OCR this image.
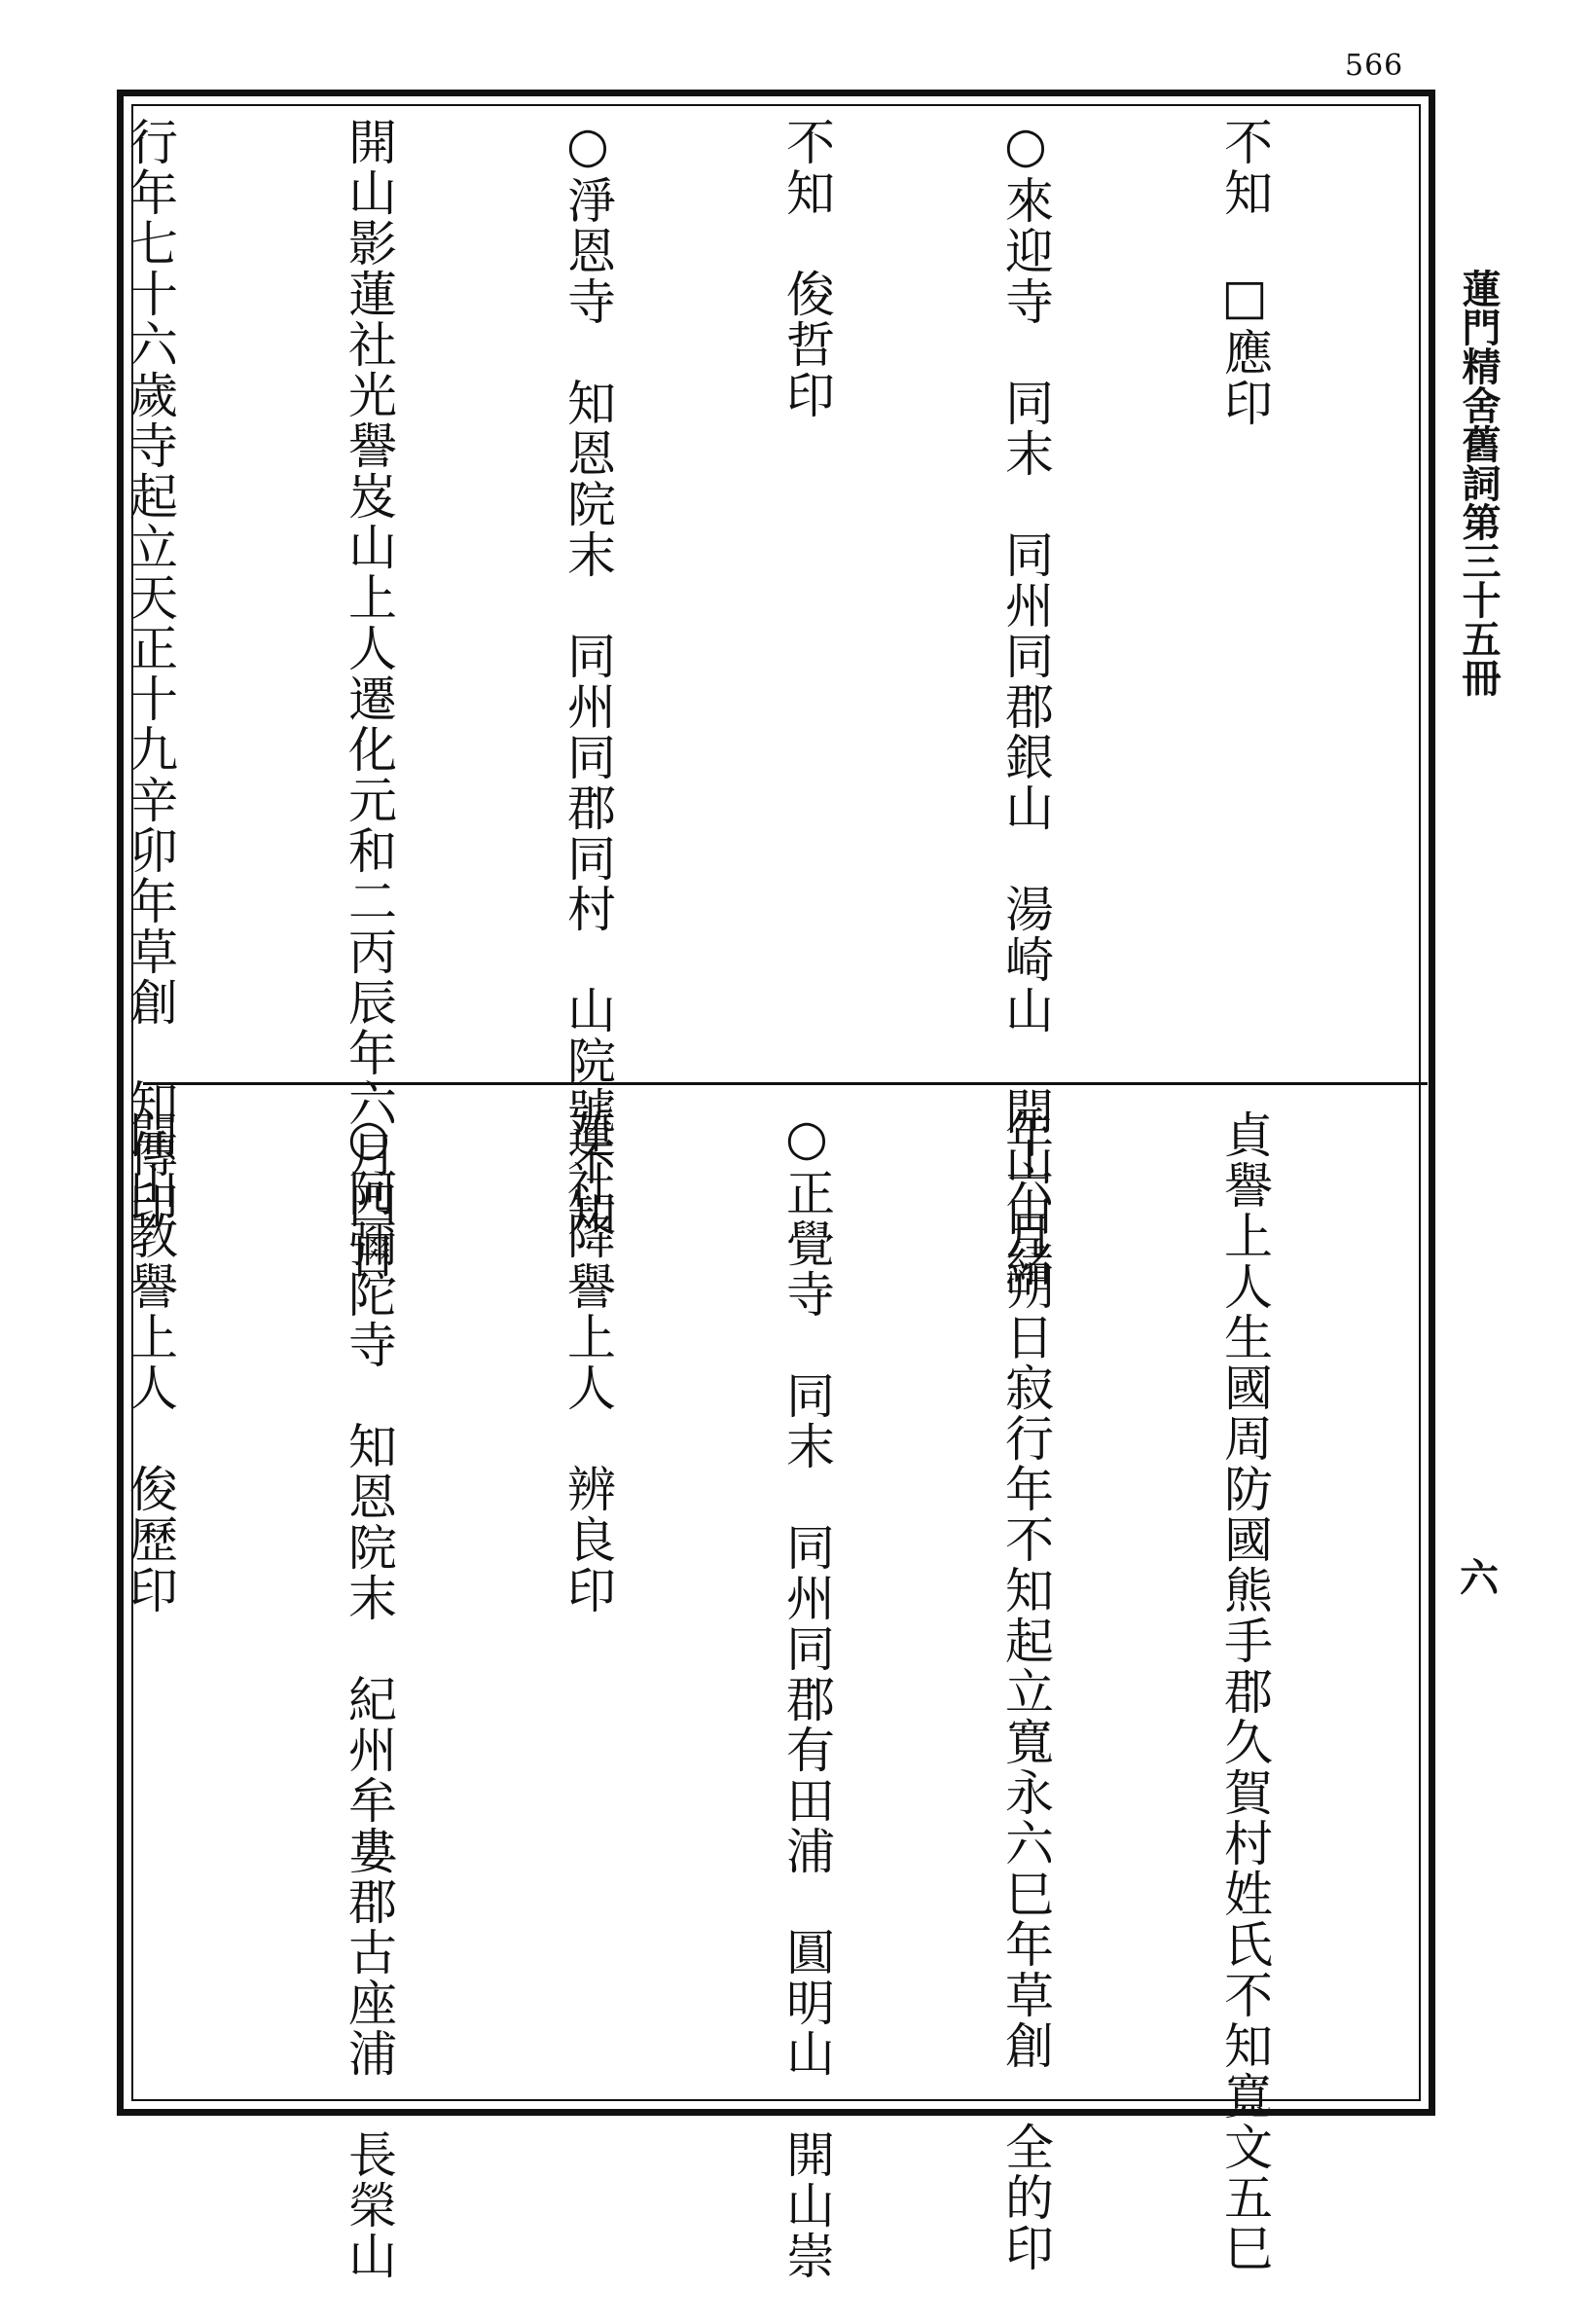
566

不知　□應印

○來迎寺　同末　同州同郡銀山　湯崎山　開山由緒

不知　俊哲印

○淨恩寺　知恩院末　同州同郡同村　山院號不知

開山影蓮社光譽岌山上人遷化元和二丙辰年六月四日

行年七十六歲寺起立天正十九辛卯年草創　知傳印

貞譽上人生國周防國熊手郡久賀村姓氏不知寬文五巳

年六月朔日寂行年不知起立寬永六巳年草創　全的印

○正覺寺　同末　同州同郡有田浦　圓明山　開山崇

蓮社降譽上人　辨良印

○阿彌陀寺　知恩院末　紀州牟婁郡古座浦　長榮山

開山教譽上人　俊歷印

蓮門精舍舊詞第三十五冊
六
